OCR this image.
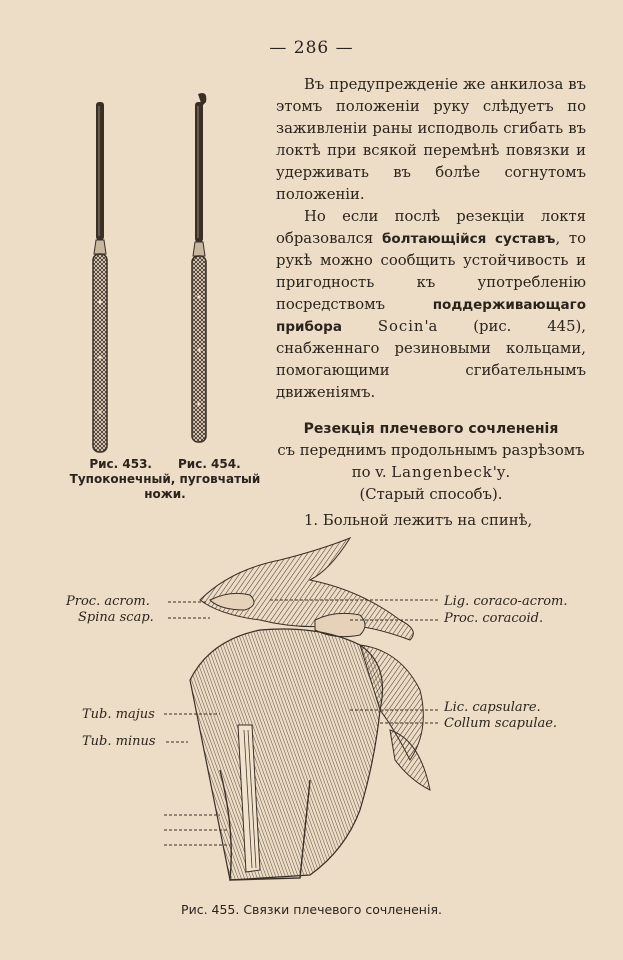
— 286 —
Рис. 453. Рис. 454.
Тупоконечный, пуговчатый ножи.

Въ предупрежденіе же анкилоза въ этомъ положеніи руку слѣдуетъ по заживленіи раны исподволь сгибать въ локтѣ при всякой перемѣнѣ повязки и удерживать въ болѣе согнутомъ положеніи.

Но если послѣ резекціи локтя образовался болтающійся суставъ, то рукѣ можно сообщить устойчивость и пригодность къ употребленію посредствомъ поддерживающаго прибора Socin'а (рис. 445), снабженнаго резиновыми кольцами, помогающими сгибательнымъ движеніямъ.

Резекція плечевого сочлененія

съ переднимъ продольнымъ разрѣзомъ по v. Langenbeck'у.

(Старый способъ).

1. Больной лежитъ на спинѣ,

Proc. acrom.
Spina scap.
Tub. majus
Tub. minus
Lig. coraco-acrom.
Proc. coracoid.
Lic. capsulare.
Collum scapulae.
Рис. 455. Связки плечевого сочлененія.
